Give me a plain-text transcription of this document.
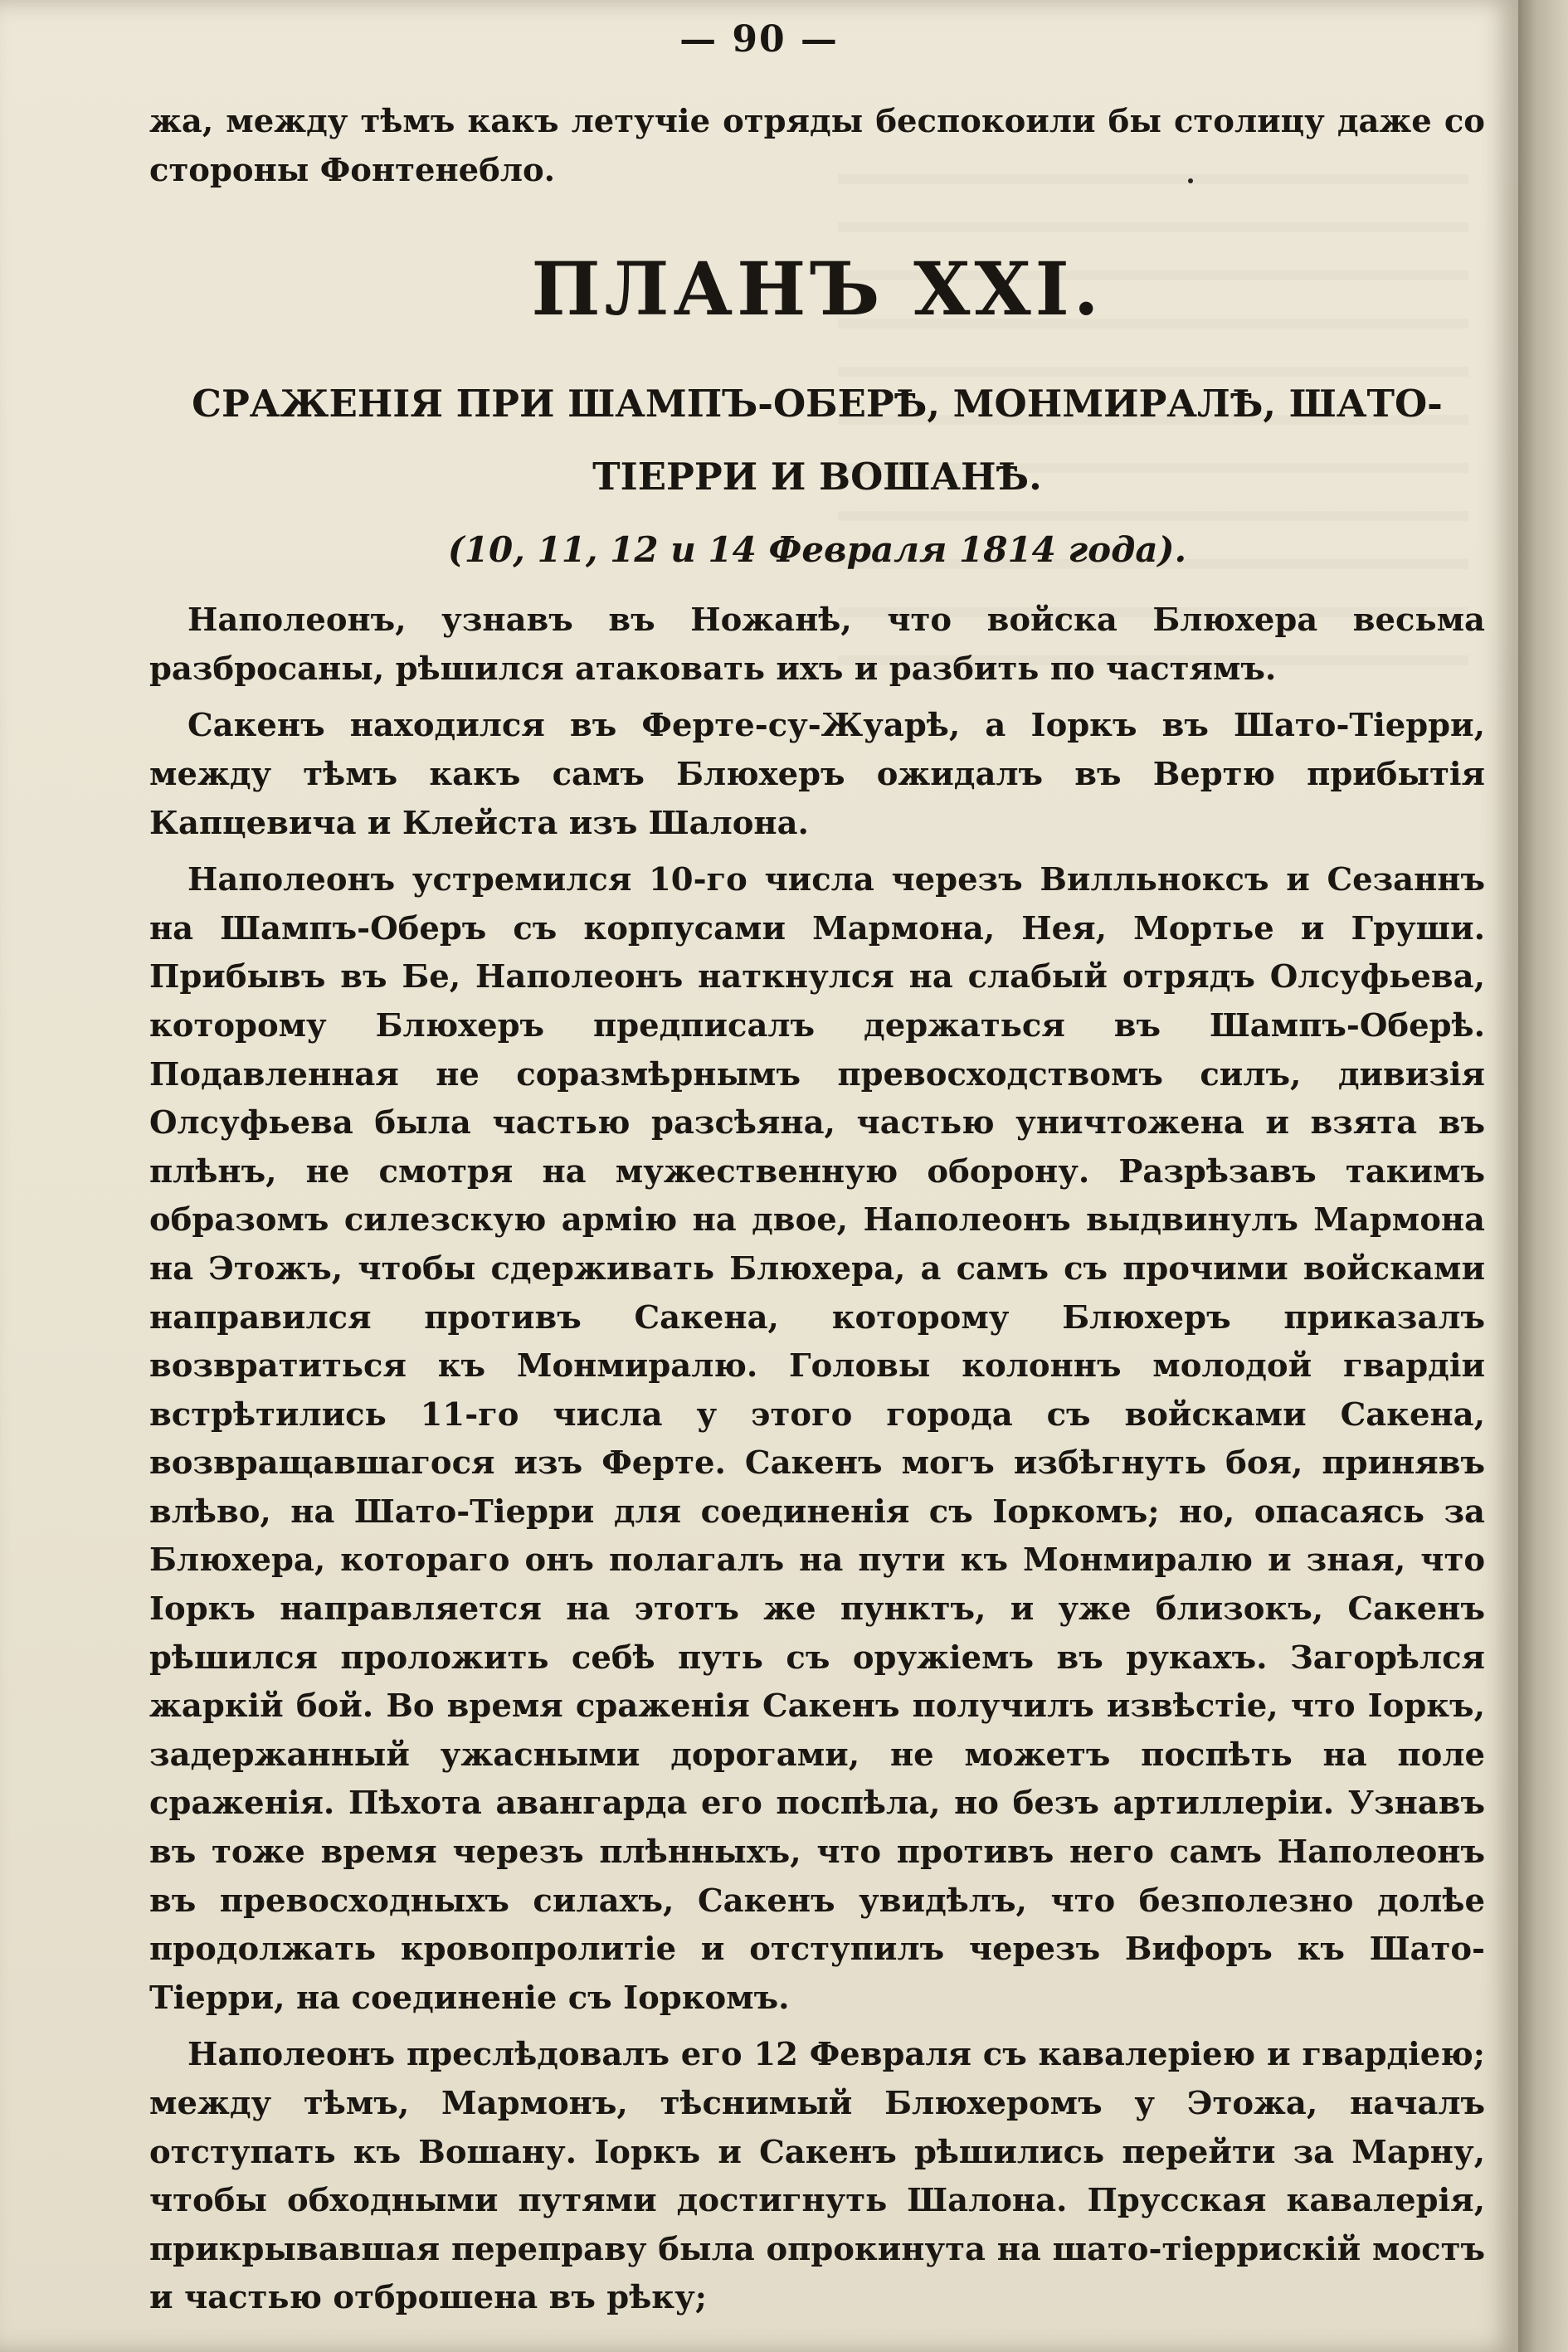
— 90 —

жа, между тѣмъ какъ летучіе отряды беспокоили бы столицу даже со стороны Фонтенебло.

ПЛАНЪ XXI.
СРАЖЕНІЯ ПРИ ШАМПЪ-ОБЕРѢ, МОНМИРАЛѢ, ШАТО-ТІЕРРИ И ВОШАНѢ.

(10, 11, 12 и 14 Февраля 1814 года).

Наполеонъ, узнавъ въ Ножанѣ, что войска Блюхера весьма разбросаны, рѣшился атаковать ихъ и разбить по частямъ.

Сакенъ находился въ Ферте-су-Жуарѣ, а Іоркъ въ Шато-Тіерри, между тѣмъ какъ самъ Блюхеръ ожидалъ въ Вертю прибытія Капцевича и Клейста изъ Шалона.

Наполеонъ устремился 10-го числа черезъ Вилльноксъ и Сезаннъ на Шампъ-Оберъ съ корпусами Мармона, Нея, Мортье и Груши. Прибывъ въ Бе, Наполеонъ наткнулся на слабый отрядъ Олсуфьева, которому Блюхеръ предписалъ держаться въ Шампъ-Оберѣ. Подавленная не соразмѣрнымъ превосходствомъ силъ, дивизія Олсуфьева была частью разсѣяна, частью уничтожена и взята въ плѣнъ, не смотря на мужественную оборону. Разрѣзавъ такимъ образомъ силезскую армію на двое, Наполеонъ выдвинулъ Мармона на Этожъ, чтобы сдерживать Блюхера, а самъ съ прочими войсками направился противъ Сакена, которому Блюхеръ приказалъ возвратиться къ Монмиралю. Головы колоннъ молодой гвардіи встрѣтились 11-го числа у этого города съ войсками Сакена, возвращавшагося изъ Ферте. Сакенъ могъ избѣгнуть боя, принявъ влѣво, на Шато-Тіерри для соединенія съ Іоркомъ; но, опасаясь за Блюхера, котораго онъ полагалъ на пути къ Монмиралю и зная, что Іоркъ направляется на этотъ же пунктъ, и уже близокъ, Сакенъ рѣшился проложить себѣ путь съ оружіемъ въ рукахъ. Загорѣлся жаркій бой. Во время сраженія Сакенъ получилъ извѣстіе, что Іоркъ, задержанный ужасными дорогами, не можетъ поспѣть на поле сраженія. Пѣхота авангарда его поспѣла, но безъ артиллеріи. Узнавъ въ тоже время черезъ плѣнныхъ, что противъ него самъ Наполеонъ въ превосходныхъ силахъ, Сакенъ увидѣлъ, что безполезно долѣе продолжать кровопролитіе и отступилъ черезъ Вифоръ къ Шато-Тіерри, на соединеніе съ Іоркомъ.

Наполеонъ преслѣдовалъ его 12 Февраля съ кавалеріею и гвардіею; между тѣмъ, Мармонъ, тѣснимый Блюхеромъ у Этожа, началъ отступать къ Вошану. Іоркъ и Сакенъ рѣшились перейти за Марну, чтобы обходными путями достигнуть Шалона. Прусская кавалерія, прикрывавшая переправу была опрокинута на шато-тіеррискій мостъ и частью отброшена въ рѣку;
